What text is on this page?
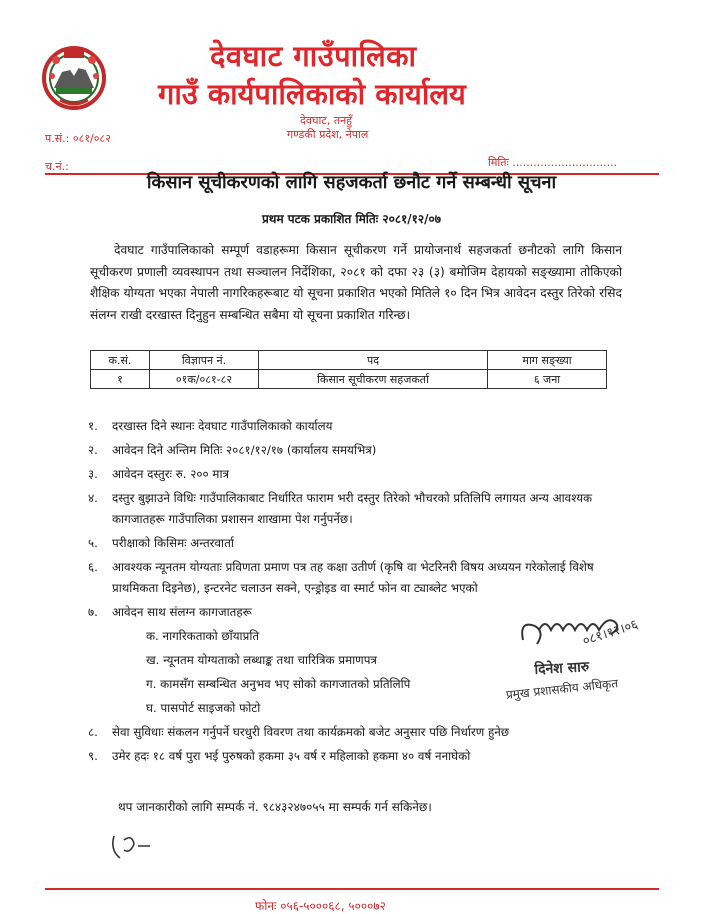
देवघाट गाउँपालिका
गाउँ कार्यपालिकाको कार्यालय
देवघाट, तनहुँ
गण्डकी प्रदेश, नेपाल
प.सं.: ०८१/०८२
च.नं.:	मितिः ..............................
किसान सूचीकरणको लागि सहजकर्ता छनौट गर्ने सम्बन्धी सूचना
प्रथम पटक प्रकाशित मितिः २०८१/१२/०७
देवघाट गाउँपालिकाको सम्पूर्ण वडाहरूमा किसान सूचीकरण गर्ने प्रायोजनार्थ सहजकर्ता छनौटको लागि किसान सूचीकरण प्रणाली व्यवस्थापन तथा सञ्चालन निर्देशिका, २०८१ को दफा २३ (३) बमोजिम देहायको सङ्ख्यामा तोकिएको शैक्षिक योग्यता भएका नेपाली नागरिकहरूबाट यो सूचना प्रकाशित भएको मितिले १० दिन भित्र आवेदन दस्तुर तिरेको रसिद संलग्न राखी दरखास्त दिनुहुन सम्बन्धित सबैमा यो सूचना प्रकाशित गरिन्छ।
क.सं.	विज्ञापन नं.	पद	माग सङ्ख्या
१	०१क/०८१-८२	किसान सूचीकरण सहजकर्ता	६ जना
१.	दरखास्त दिने स्थानः देवघाट गाउँपालिकाको कार्यालय
२.	आवेदन दिने अन्तिम मितिः २०८१/१२/१७ (कार्यालय समयभित्र)
३.	आवेदन दस्तुरः रु. २०० मात्र
४.	दस्तुर बुझाउने विधिः गाउँपालिकाबाट निर्धारित फाराम भरी दस्तुर तिरेको भौचरको प्रतिलिपि लगायत अन्य आवश्यक कागजातहरू गाउँपालिका प्रशासन शाखामा पेश गर्नुपर्नेछ।
५.	परीक्षाको किसिमः अन्तरवार्ता
६.	आवश्यक न्यूनतम योग्यताः प्रविणता प्रमाण पत्र तह कक्षा उतीर्ण (कृषि वा भेटरिनरी विषय अध्ययन गरेकोलाई विशेष प्राथमिकता दिइनेछ), इन्टरनेट चलाउन सक्ने, एन्ड्रोइड वा स्मार्ट फोन वा ट्याब्लेट भएको
७.	आवेदन साथ संलग्न कागजातहरू
क. नागरिकताको छाँयाप्रति
ख. न्यूनतम योग्यताको लब्धाङ्क तथा चारित्रिक प्रमाणपत्र
ग. कामसँग सम्बन्धित अनुभव भए सोको कागजातको प्रतिलिपि
घ. पासपोर्ट साइजको फोटो
८.	सेवा सुविधाः संकलन गर्नुपर्ने घरधुरी विवरण तथा कार्यक्रमको बजेट अनुसार पछि निर्धारण हुनेछ
९.	उमेर हदः १८ वर्ष पुरा भई पुरुषको हकमा ३५ वर्ष र महिलाको हकमा ४० वर्ष ननाघेको
थप जानकारीको लागि सम्पर्क नं. ९८४३२४७०५५ मा सम्पर्क गर्न सकिनेछ।
०८१।१२।०६
दिनेश सारु
प्रमुख प्रशासकीय अधिकृत
फोनः ०५६-५०००६८, ५०००७२
